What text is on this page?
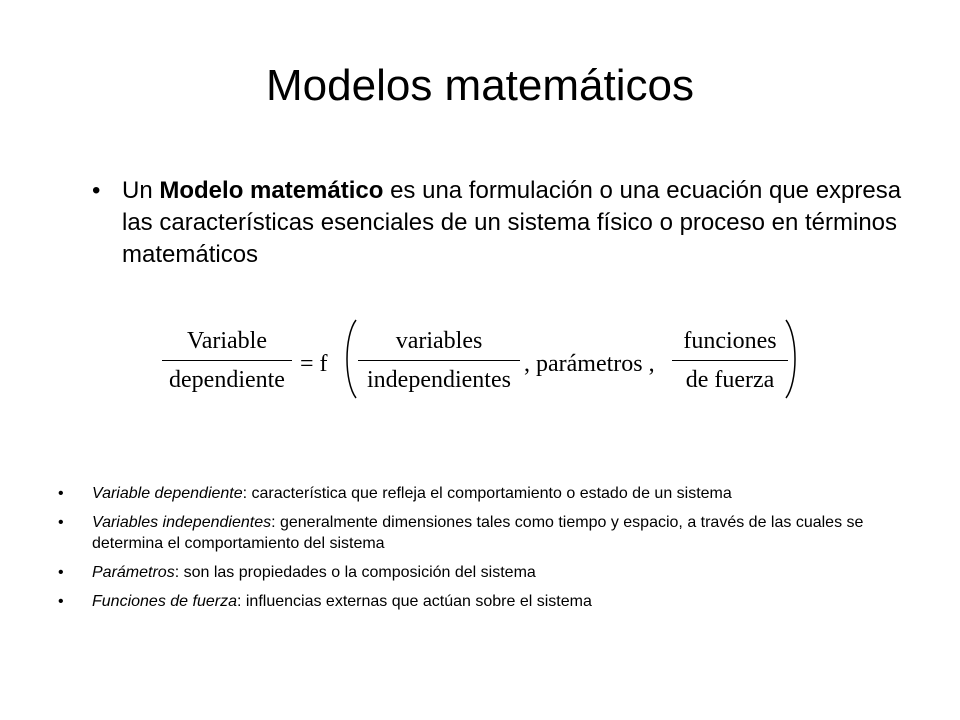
Modelos matemáticos
• Un Modelo matemático es una formulación o una ecuación que expresa las características esenciales de un sistema físico o proceso en términos matemáticos
Variable
dependiente
= f
variables
independientes
, parámetros ,
funciones
de fuerza
• Variable dependiente: característica que refleja el comportamiento o estado de un sistema
• Variables independientes: generalmente dimensiones tales como tiempo y espacio, a través de las cuales se determina el comportamiento del sistema
• Parámetros: son las propiedades o la composición del sistema
• Funciones de fuerza: influencias externas que actúan sobre el sistema
